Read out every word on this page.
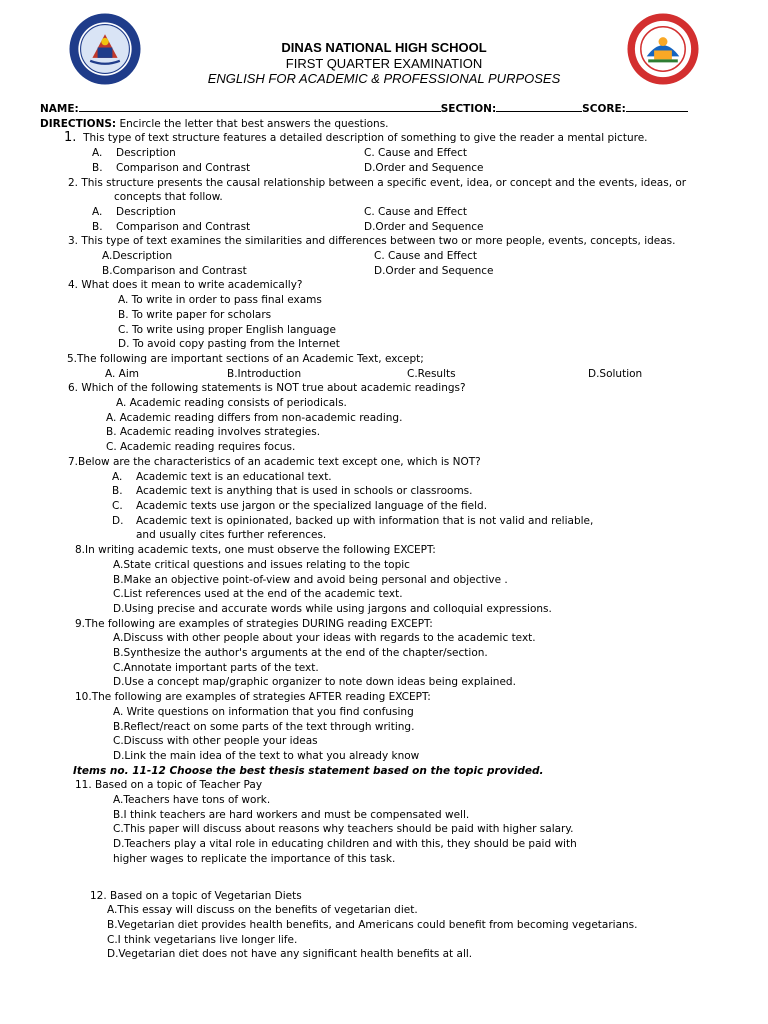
DINAS NATIONAL HIGH SCHOOL
FIRST QUARTER EXAMINATION
ENGLISH FOR ACADEMIC & PROFESSIONAL PURPOSES
NAME:	SECTION:	SCORE:
DIRECTIONS: Encircle the letter that best answers the questions.
1. This type of text structure features a detailed description of something to give the reader a mental picture.
A. Description	C. Cause and Effect
B. Comparison and Contrast	D.Order and Sequence
2. This structure presents the causal relationship between a specific event, idea, or concept and the events, ideas, or
concepts that follow.
A. Description	C. Cause and Effect
B. Comparison and Contrast	D.Order and Sequence
3. This type of text examines the similarities and differences between two or more people, events, concepts, ideas.
A.Description	C. Cause and Effect
B.Comparison and Contrast	D.Order and Sequence
4. What does it mean to write academically?
A. To write in order to pass final exams
B. To write paper for scholars
C. To write using proper English language
D. To avoid copy pasting from the Internet
5.The following are important sections of an Academic Text, except;
A. Aim	B.Introduction	C.Results	D.Solution
6. Which of the following statements is NOT true about academic readings?
A. Academic reading consists of periodicals.
A. Academic reading differs from non-academic reading.
B. Academic reading involves strategies.
C. Academic reading requires focus.
7.Below are the characteristics of an academic text except one, which is NOT?
A. Academic text is an educational text.
B. Academic text is anything that is used in schools or classrooms.
C. Academic texts use jargon or the specialized language of the field.
D. Academic text is opinionated, backed up with information that is not valid and reliable,
and usually cites further references.
8.In writing academic texts, one must observe the following EXCEPT:
A.State critical questions and issues relating to the topic
B.Make an objective point-of-view and avoid being personal and objective .
C.List references used at the end of the academic text.
D.Using precise and accurate words while using jargons and colloquial expressions.
9.The following are examples of strategies DURING reading EXCEPT:
A.Discuss with other people about your ideas with regards to the academic text.
B.Synthesize the author's arguments at the end of the chapter/section.
C.Annotate important parts of the text.
D.Use a concept map/graphic organizer to note down ideas being explained.
10.The following are examples of strategies AFTER reading EXCEPT:
A. Write questions on information that you find confusing
B.Reflect/react on some parts of the text through writing.
C.Discuss with other people your ideas
D.Link the main idea of the text to what you already know
Items no. 11-12 Choose the best thesis statement based on the topic provided.
11. Based on a topic of Teacher Pay
A.Teachers have tons of work.
B.I think teachers are hard workers and must be compensated well.
C.This paper will discuss about reasons why teachers should be paid with higher salary.
D.Teachers play a vital role in educating children and with this, they should be paid with
higher wages to replicate the importance of this task.
12. Based on a topic of Vegetarian Diets
A.This essay will discuss on the benefits of vegetarian diet.
B.Vegetarian diet provides health benefits, and Americans could benefit from becoming vegetarians.
C.I think vegetarians live longer life.
D.Vegetarian diet does not have any significant health benefits at all.
